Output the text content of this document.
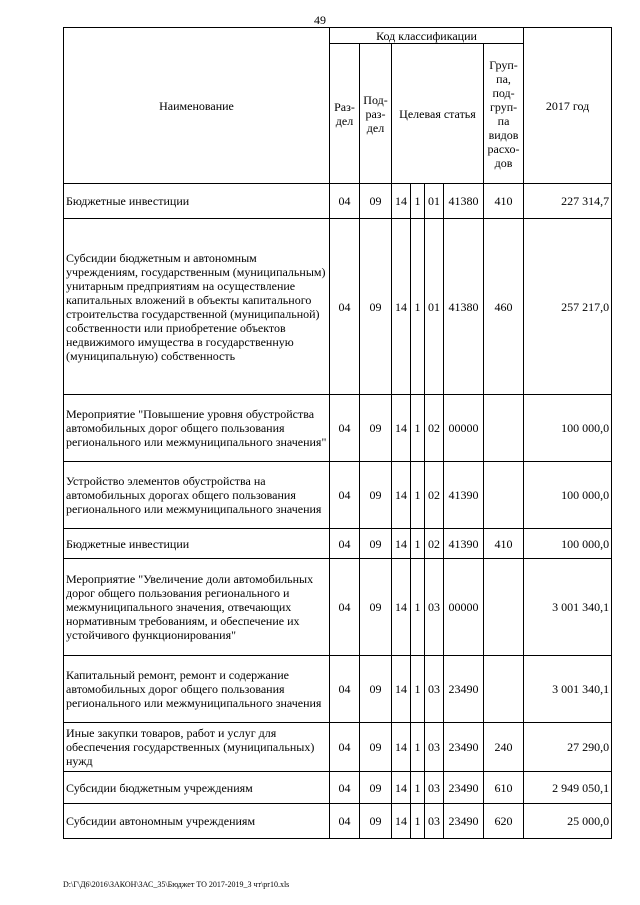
49
Наименование	Код классификации							2017 год
	Раз-дел	Под-раз-дел	Целевая статья				Груп-па, под-груп-па видов расхо-дов	
Бюджетные инвестиции	04	09	14	1	01	41380	410	227 314,7
Субсидии бюджетным и автономным учреждениям, государственным (муниципальным) унитарным предприятиям на осуществление капитальных вложений в объекты капитального строительства государственной (муниципальной) собственности или приобретение объектов недвижимого имущества в государственную (муниципальную) собственность	04	09	14	1	01	41380	460	257 217,0
Мероприятие "Повышение уровня обустройства автомобильных дорог общего пользования регионального или межмуниципального значения"	04	09	14	1	02	00000		100 000,0
Устройство элементов обустройства на автомобильных дорогах общего пользования регионального или межмуниципального значения	04	09	14	1	02	41390		100 000,0
Бюджетные инвестиции	04	09	14	1	02	41390	410	100 000,0
Мероприятие "Увеличение доли автомобильных дорог общего пользования регионального и межмуниципального значения, отвечающих нормативным требованиям, и обеспечение их устойчивого функционирования"	04	09	14	1	03	00000		3 001 340,1
Капитальный ремонт, ремонт и содержание автомобильных дорог общего пользования регионального или межмуниципального значения	04	09	14	1	03	23490		3 001 340,1
Иные закупки товаров, работ и услуг для обеспечения государственных (муниципальных) нужд	04	09	14	1	03	23490	240	27 290,0
Субсидии бюджетным учреждениям	04	09	14	1	03	23490	610	2 949 050,1
Субсидии автономным учреждениям	04	09	14	1	03	23490	620	25 000,0
D:\Г\Д6\2016\ЗАКОН\ЗАС_35\Бюджет ТО 2017-2019_3 чт\pr10.xls
